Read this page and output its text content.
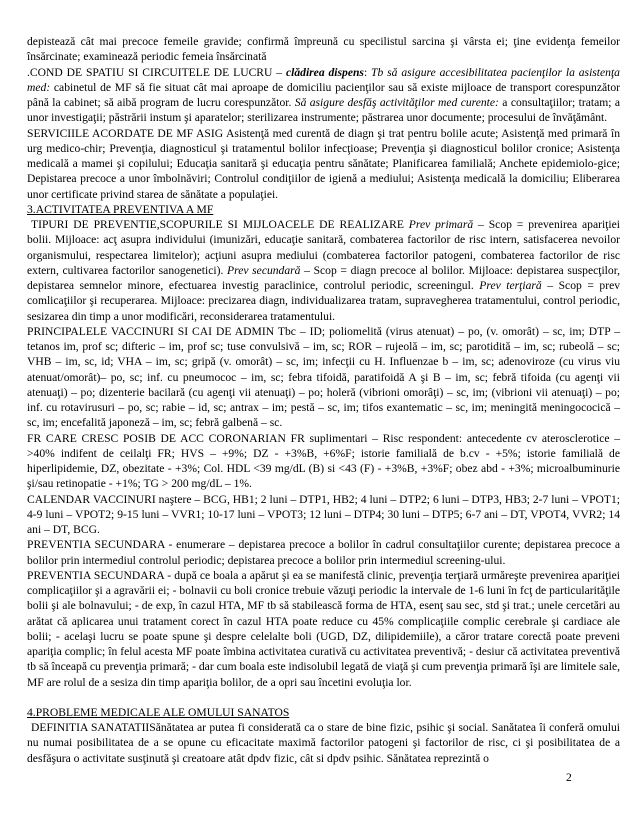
depistează cât mai precoce femeile gravide; confirmă împreună cu specilistul sarcina şi vârsta ei; ţine evidenţa femeilor însărcinate; examinează periodic femeia însărcinată

.COND DE SPATIU SI CIRCUITELE DE LUCRU – clădirea dispens: Tb să asigure accesibilitatea pacienţilor la asistenţa med: cabinetul de MF să fie situat cât mai aproape de domiciliu pacienţilor sau să existe mijloace de transport corespunzător până la cabinet; să aibă program de lucru corespunzător. Să asigure desfăş activităţilor med curente: a consultaţiilor; tratam; a unor investigaţii; păstrării instum şi aparatelor; sterilizarea instrumente; păstrarea unor documente; procesului de învăţământ.

SERVICIILE ACORDATE DE MF ASIG Asistenţă med curentă de diagn şi trat pentru bolile acute; Asistenţă med primară în urg medico-chir; Prevenţia, diagnosticul şi tratamentul bolilor infecţioase; Prevenţia şi diagnosticul bolilor cronice; Asistenţa medicală a mamei şi copilului; Educaţia sanitară şi educaţia pentru sănătate; Planificarea familială; Anchete epidemiolo-gice; Depistarea precoce a unor îmbolnăviri; Controlul condiţiilor de igienă a mediului; Asistenţa medicală la domiciliu; Eliberarea unor certificate privind starea de sănătate a populaţiei.

3.ACTIVITATEA PREVENTIVA A MF

TIPURI DE PREVENTIE,SCOPURILE SI MIJLOACELE DE REALIZARE Prev primară – Scop = prevenirea apariţiei bolii. Mijloace: acţ asupra individului (imunizări, educaţie sanitară, combaterea factorilor de risc intern, satisfacerea nevoilor organismului, respectarea limitelor); acţiuni asupra mediului (combaterea factorilor patogeni, combaterea factorilor de risc extern, cultivarea factorilor sanogenetici). Prev secundară – Scop = diagn precoce al bolilor. Mijloace: depistarea suspecţilor, depistarea semnelor minore, efectuarea investig paraclinice, controlul periodic, screeningul. Prev terţiară – Scop = prev comlicaţiilor şi recuperarea. Mijloace: precizarea diagn, individualizarea tratam, supravegherea tratamentului, control periodic, sesizarea din timp a unor modificări, reconsiderarea tratamentului.

PRINCIPALELE VACCINURI SI CAI DE ADMIN Tbc – ID; poliomelită (virus atenuat) – po, (v. omorât) – sc, im; DTP – tetanos im, prof sc; difteric – im, prof sc; tuse convulsivă – im, sc; ROR – rujeolă – im, sc; parotidită – im, sc; rubeolă – sc; VHB – im, sc, id; VHA – im, sc; gripă (v. omorât) – sc, im; infecţii cu H. Influenzae b – im, sc; adenoviroze (cu virus viu atenuat/omorât)– po, sc; inf. cu pneumococ – im, sc; febra tifoidă, paratifoidă A şi B – im, sc; febră tifoida (cu agenţi vii atenuaţi) – po; dizenterie bacilară (cu agenţi vii atenuaţi) – po; holeră (vibrioni omorâţi) – sc, im; (vibrioni vii atenuaţi) – po; inf. cu rotavirusuri – po, sc; rabie – id, sc; antrax – im; pestă – sc, im; tifos exantematic – sc, im; meningită meningococică – sc, im; encefalită japoneză – im, sc; febră galbenă – sc.

FR CARE CRESC POSIB DE ACC CORONARIAN FR suplimentari – Risc respondent: antecedente cv aterosclerotice – >40% indifent de ceilalţi FR; HVS – +9%; DZ - +3%B, +6%F; istorie familială de b.cv - +5%; istorie familială de hiperlipidemie, DZ, obezitate - +3%; Col. HDL <39 mg/dL (B) si <43 (F) - +3%B, +3%F; obez abd - +3%; microalbuminurie şi/sau retinopatie - +1%; TG > 200 mg/dL – 1%.

CALENDAR VACCINURI naştere – BCG, HB1; 2 luni – DTP1, HB2; 4 luni – DTP2; 6 luni – DTP3, HB3; 2-7 luni – VPOT1; 4-9 luni – VPOT2; 9-15 luni – VVR1; 10-17 luni – VPOT3; 12 luni – DTP4; 30 luni – DTP5; 6-7 ani – DT, VPOT4, VVR2; 14 ani – DT, BCG.

PREVENTIA SECUNDARA - enumerare – depistarea precoce a bolilor în cadrul consultaţiilor curente; depistarea precoce a bolilor prin intermediul controlul periodic; depistarea precoce a bolilor prin intermediul screening-ului.

PREVENTIA SECUNDARA - după ce boala a apărut şi ea se manifestă clinic, prevenţia terţiară urmăreşte prevenirea apariţiei complicaţiilor şi a agravării ei; - bolnavii cu boli cronice trebuie văzuţi periodic la intervale de 1-6 luni în fcţ de particularităţile bolii şi ale bolnavului; - de exp, în cazul HTA, MF tb să stabilească forma de HTA, esenţ sau sec, std şi trat.; unele cercetări au arătat că aplicarea unui tratament corect în cazul HTA poate reduce cu 45% complicaţiile complic cerebrale şi cardiace ale bolii; - acelaşi lucru se poate spune şi despre celelalte boli (UGD, DZ, dilipidemiile), a căror tratare corectă poate preveni apariţia complic; în felul acesta MF poate îmbina activitatea curativă cu activitatea preventivă; - desiur că activitatea preventivă tb să înceapă cu prevenţia primară; - dar cum boala este indisolubil legată de viaţă şi cum prevenţia primară îşi are limitele sale, MF are rolul de a sesiza din timp apariţia bolilor, de a opri sau încetini evoluţia lor.

4.PROBLEME MEDICALE ALE OMULUI SANATOS

DEFINITIA SANATATIISănătatea ar putea fi considerată ca o stare de bine fizic, psihic şi social. Sanătatea îi conferă omului nu numai posibilitatea de a se opune cu eficacitate maximă factorilor patogeni şi factorilor de risc, ci şi posibilitatea de a desfăşura o activitate susţinută şi creatoare atât dpdv fizic, cât si dpdv psihic. Sănătatea reprezintă o

2
